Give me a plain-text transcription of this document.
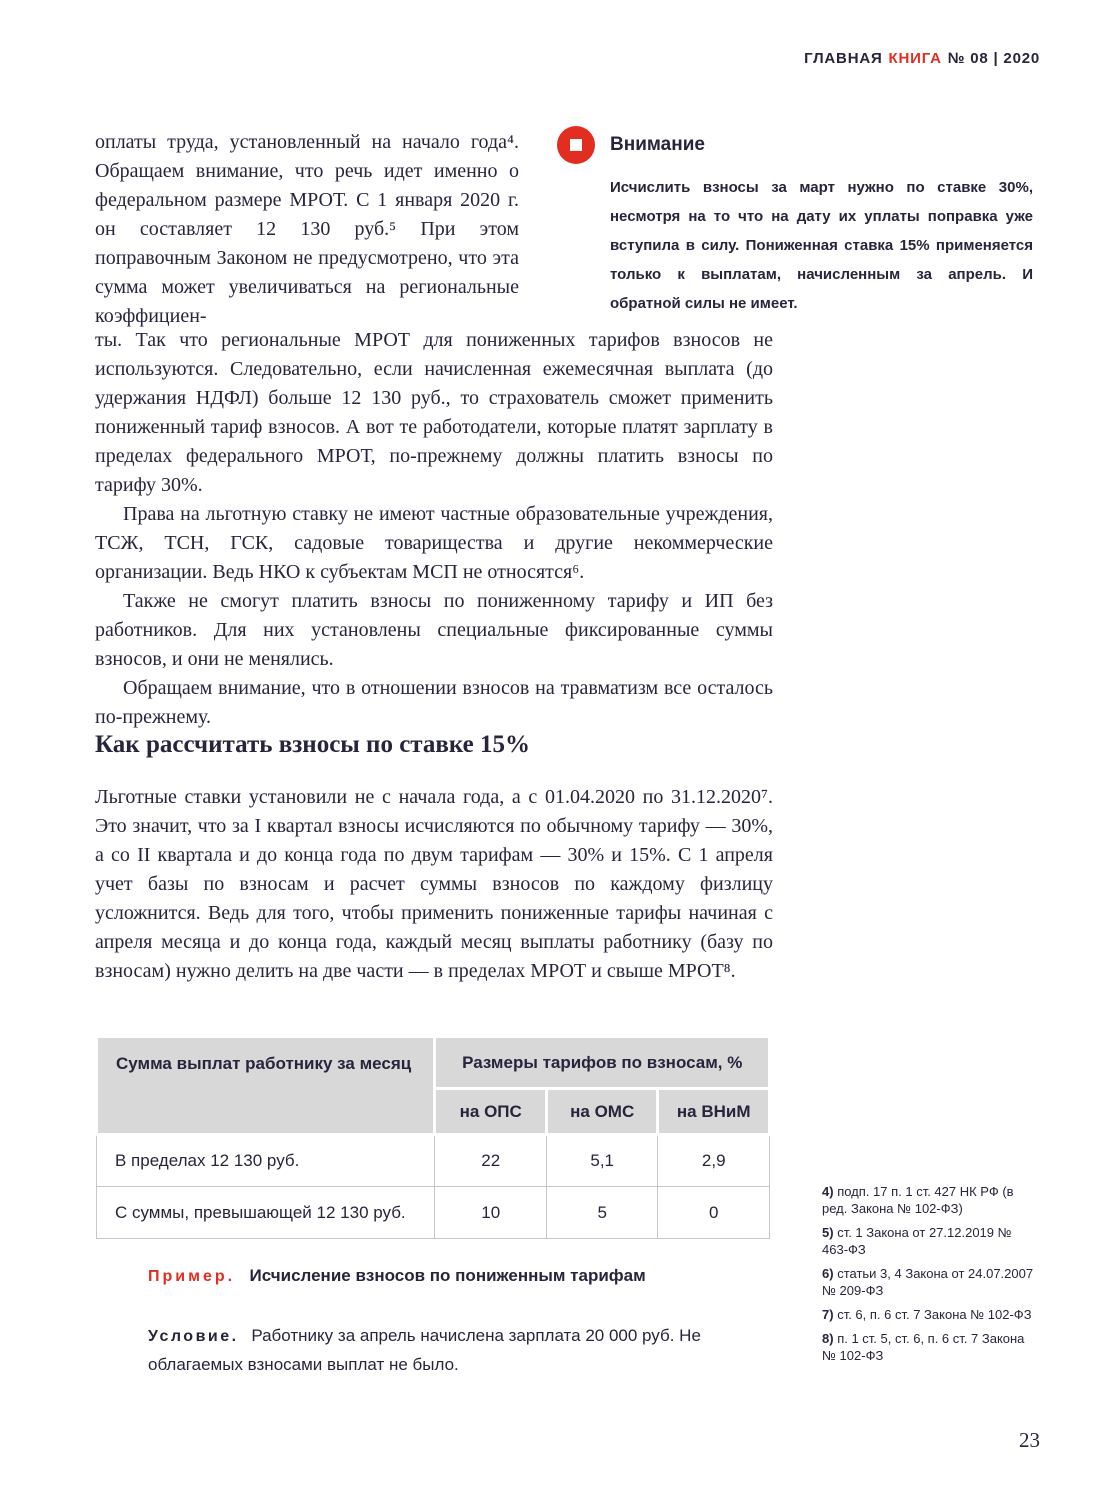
ГЛАВНАЯ КНИГА № 08 | 2020
оплаты труда, установленный на начало года⁴. Обращаем внимание, что речь идет именно о федеральном размере МРОТ. С 1 января 2020 г. он составляет 12 130 руб.⁵ При этом поправочным Законом не предусмотрено, что эта сумма может увеличиваться на региональные коэффициен-
Внимание

Исчислить взносы за март нужно по ставке 30%, несмотря на то что на дату их уплаты поправка уже вступила в силу. Пониженная ставка 15% применяется только к выплатам, начисленным за апрель. И обратной силы не имеет.

ты. Так что региональные МРОТ для пониженных тарифов взносов не используются. Следовательно, если начисленная ежемесячная выплата (до удержания НДФЛ) больше 12 130 руб., то страхователь сможет применить пониженный тариф взносов. А вот те работодатели, которые платят зарплату в пределах федерального МРОТ, по-прежнему должны платить взносы по тарифу 30%.

Права на льготную ставку не имеют частные образовательные учреждения, ТСЖ, ТСН, ГСК, садовые товарищества и другие некоммерческие организации. Ведь НКО к субъектам МСП не относятся⁶.

Также не смогут платить взносы по пониженному тарифу и ИП без работников. Для них установлены специальные фиксированные суммы взносов, и они не менялись.

Обращаем внимание, что в отношении взносов на травматизм все осталось по-прежнему.

Как рассчитать взносы по ставке 15%

Льготные ставки установили не с начала года, а с 01.04.2020 по 31.12.2020⁷. Это значит, что за I квартал взносы исчисляются по обычному тарифу — 30%, а со II квартала и до конца года по двум тарифам — 30% и 15%. С 1 апреля учет базы по взносам и расчет суммы взносов по каждому физлицу усложнится. Ведь для того, чтобы применить пониженные тарифы начиная с апреля месяца и до конца года, каждый месяц выплаты работнику (базу по взносам) нужно делить на две части — в пределах МРОТ и свыше МРОТ⁸.

Сумма выплат работнику за месяц	Размеры тарифов по взносам, %		
	на ОПС	на ОМС	на ВНиМ
В пределах 12 130 руб.	22	5,1	2,9
С суммы, превышающей 12 130 руб.	10	5	0

4) подп. 17 п. 1 ст. 427 НК РФ (в ред. Закона № 102-ФЗ)

5) ст. 1 Закона от 27.12.2019 № 463-ФЗ

6) статьи 3, 4 Закона от 24.07.2007 № 209-ФЗ

7) ст. 6, п. 6 ст. 7 Закона № 102-ФЗ

8) п. 1 ст. 5, ст. 6, п. 6 ст. 7 Закона № 102-ФЗ

Пример. Исчисление взносов по пониженным тарифам

Условие. Работнику за апрель начислена зарплата 20 000 руб. Не облагаемых взносами выплат не было.

23
